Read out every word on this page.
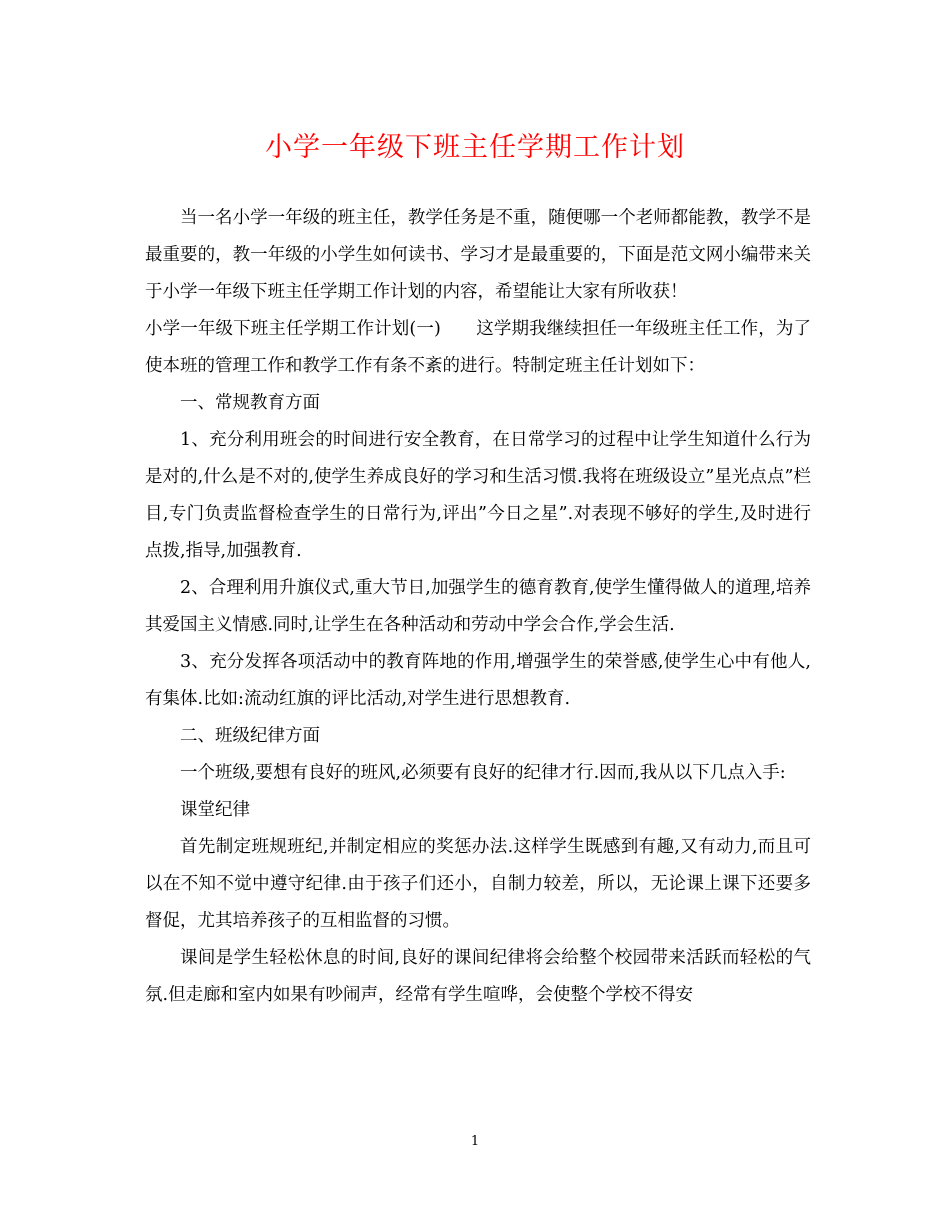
小学一年级下班主任学期工作计划

当一名小学一年级的班主任，教学任务是不重，随便哪一个老师都能教，教学不是最重要的，教一年级的小学生如何读书、学习才是最重要的，下面是范文网小编带来关于小学一年级下班主任学期工作计划的内容，希望能让大家有所收获！

小学一年级下班主任学期工作计划(一)　　这学期我继续担任一年级班主任工作，为了使本班的管理工作和教学工作有条不紊的进行。特制定班主任计划如下：

一、常规教育方面

1、充分利用班会的时间进行安全教育，在日常学习的过程中让学生知道什么行为是对的,什么是不对的,使学生养成良好的学习和生活习惯.我将在班级设立”星光点点”栏目,专门负责监督检查学生的日常行为,评出”今日之星”.对表现不够好的学生,及时进行点拨,指导,加强教育.

2、合理利用升旗仪式,重大节日,加强学生的德育教育,使学生懂得做人的道理,培养其爱国主义情感.同时,让学生在各种活动和劳动中学会合作,学会生活.

3、充分发挥各项活动中的教育阵地的作用,增强学生的荣誉感,使学生心中有他人,有集体.比如:流动红旗的评比活动,对学生进行思想教育.

二、班级纪律方面

一个班级,要想有良好的班风,必须要有良好的纪律才行.因而,我从以下几点入手:

课堂纪律

首先制定班规班纪,并制定相应的奖惩办法.这样学生既感到有趣,又有动力,而且可以在不知不觉中遵守纪律.由于孩子们还小，自制力较差，所以，无论课上课下还要多督促，尤其培养孩子的互相监督的习惯。

课间是学生轻松休息的时间,良好的课间纪律将会给整个校园带来活跃而轻松的气氛.但走廊和室内如果有吵闹声，经常有学生喧哗，会使整个学校不得安

1
